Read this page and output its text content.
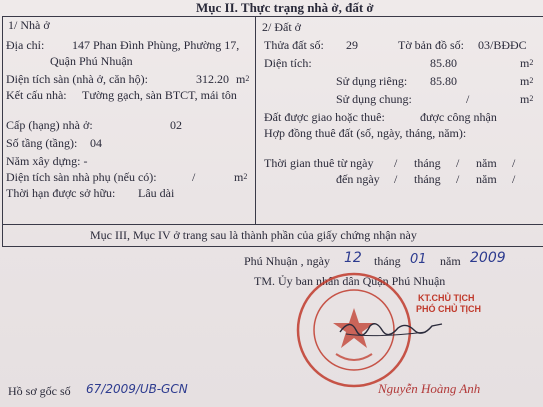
Mục II. Thực trạng nhà ở, đất ở
1/ Nhà ở
Địa chỉ: 147 Phan Đình Phùng, Phường 17,
Quận Phú Nhuận
Diện tích sàn (nhà ở, căn hộ):	312.20 $m^2$
Kết cấu nhà: Tường gạch, sàn BTCT, mái tôn
Cấp (hạng) nhà ở:	02
Số tầng (tầng): 04
Năm xây dựng: -
Diện tích sàn nhà phụ (nếu có):	/	$m^2$
Thời hạn được sở hữu: Lâu dài
2/ Đất ở
Thửa đất số: 29	Tờ bản đồ số: 03/BĐĐC
Diện tích:	85.80	$m^2$
Sử dụng riêng: 85.80	$m^2$
Sử dụng chung:	/	$m^2$
Đất được giao hoặc thuê:	được công nhận
Hợp đồng thuê đất (số, ngày, tháng, năm):
Thời gian thuê từ ngày / tháng / năm /
đến ngày / tháng / năm /
Mục III, Mục IV ở trang sau là thành phần của giấy chứng nhận này
Phú Nhuận , ngày 12 tháng 01 năm 2009
TM. Ủy ban nhân dân Quận Phú Nhuận
KT.CHỦ TỊCH
PHÓ CHỦ TỊCH
Nguyễn Hoàng Anh
Hồ sơ gốc số 67/2009/UB-GCN
